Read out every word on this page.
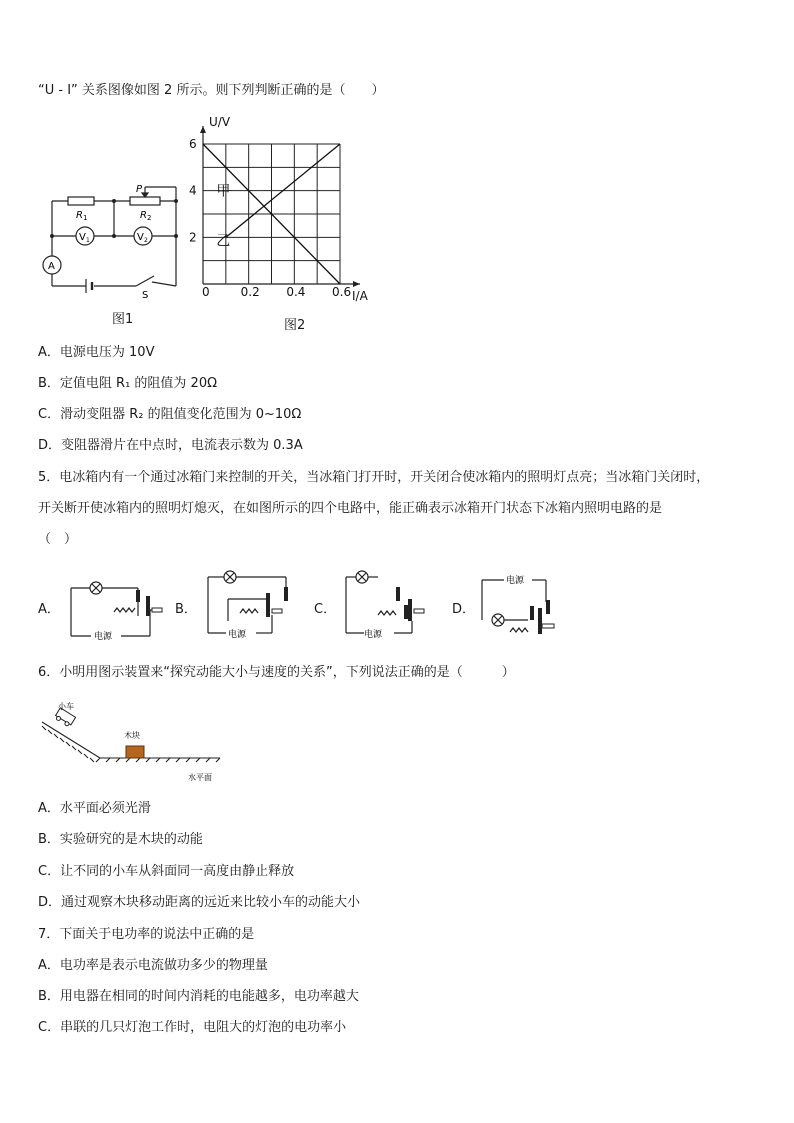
“U - I” 关系图像如图 2 所示。则下列判断正确的是（　　）
R 1	R 2
P
V 1	V 2
A
S
图1
U/V
I/A
6
4
2
0	0.2 0.4 0.6
甲
乙
图2
A．电源电压为 10V
B．定值电阻 R₁ 的阻值为 20Ω
C．滑动变阻器 R₂ 的阻值变化范围为 0~10Ω
D．变阻器滑片在中点时，电流表示数为 0.3A
5．电冰箱内有一个通过冰箱门来控制的开关，当冰箱门打开时，开关闭合使冰箱内的照明灯点亮；当冰箱门关闭时，
开关断开使冰箱内的照明灯熄灭，在如图所示的四个电路中，能正确表示冰箱开门状态下冰箱内照明电路的是
（　）
A．
电源
B．
电源
C．
电源
D．
电源
6．小明用图示装置来“探究动能大小与速度的关系”，下列说法正确的是（　　　）
小车
木块
水平面
A．水平面必须光滑
B．实验研究的是木块的动能
C．让不同的小车从斜面同一高度由静止释放
D．通过观察木块移动距离的远近来比较小车的动能大小
7．下面关于电功率的说法中正确的是
A．电功率是表示电流做功多少的物理量
B．用电器在相同的时间内消耗的电能越多，电功率越大
C．串联的几只灯泡工作时，电阻大的灯泡的电功率小
